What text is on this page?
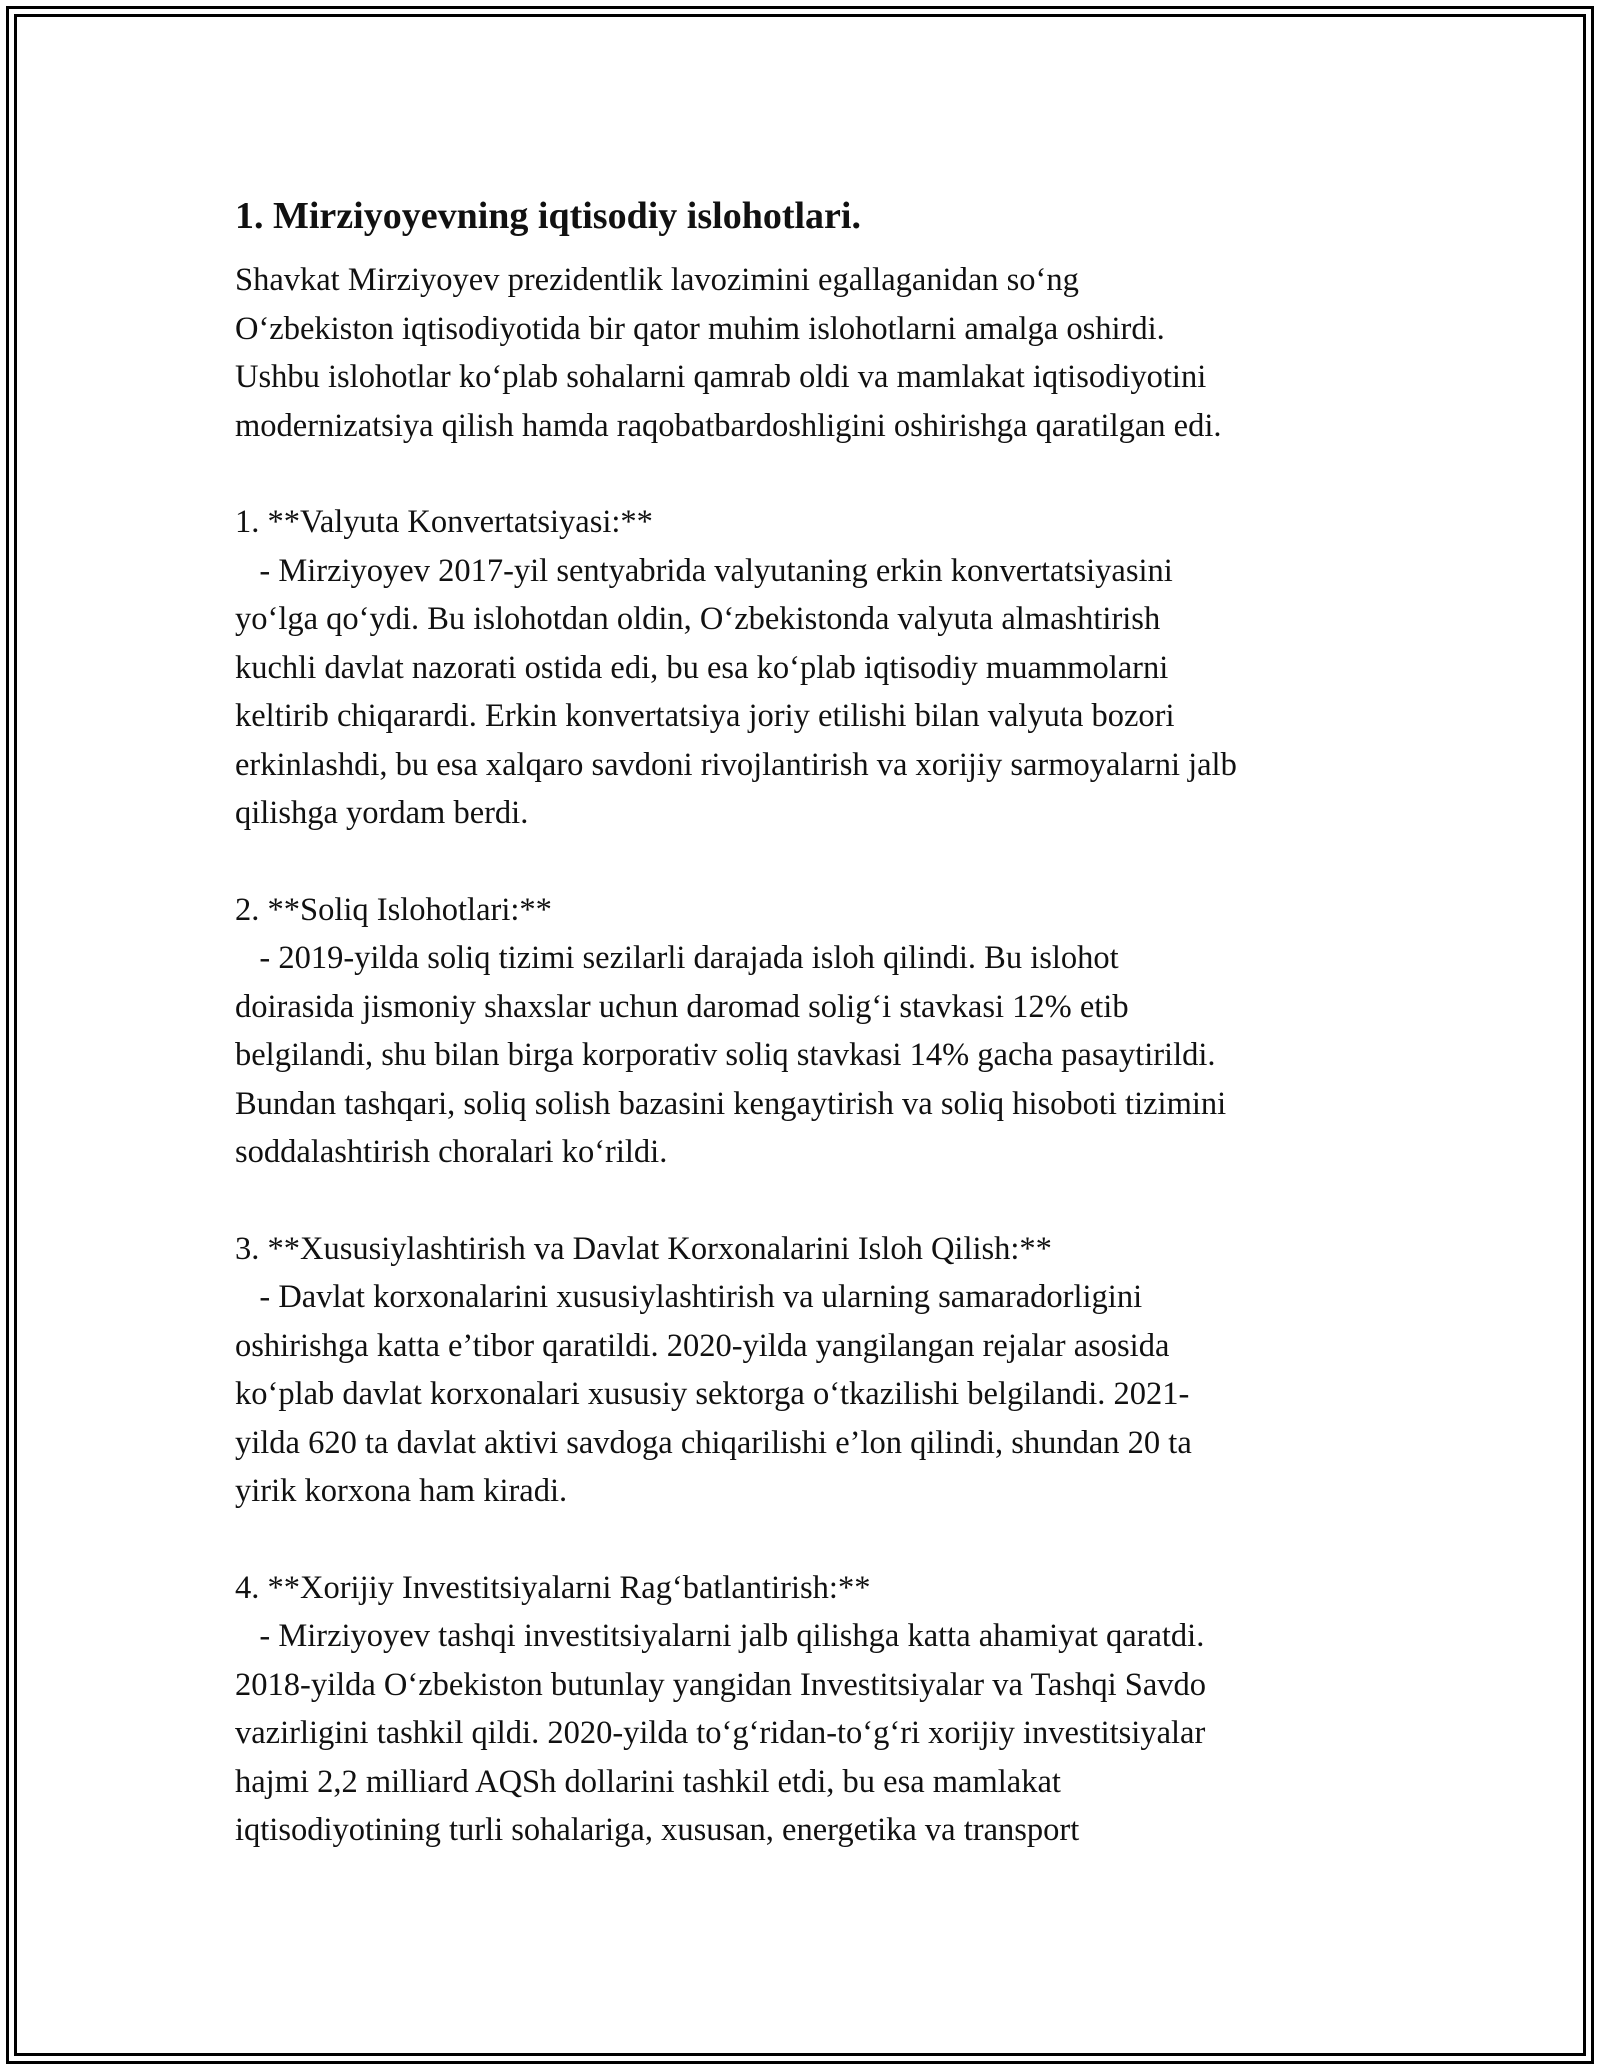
1. Mirziyoyevning iqtisodiy islohotlari.
Shavkat Mirziyoyev prezidentlik lavozimini egallaganidan so‘ng
O‘zbekiston iqtisodiyotida bir qator muhim islohotlarni amalga oshirdi.
Ushbu islohotlar ko‘plab sohalarni qamrab oldi va mamlakat iqtisodiyotini
modernizatsiya qilish hamda raqobatbardoshligini oshirishga qaratilgan edi.
1. **Valyuta Konvertatsiyasi:**
- Mirziyoyev 2017-yil sentyabrida valyutaning erkin konvertatsiyasini
yo‘lga qo‘ydi. Bu islohotdan oldin, O‘zbekistonda valyuta almashtirish
kuchli davlat nazorati ostida edi, bu esa ko‘plab iqtisodiy muammolarni
keltirib chiqarardi. Erkin konvertatsiya joriy etilishi bilan valyuta bozori
erkinlashdi, bu esa xalqaro savdoni rivojlantirish va xorijiy sarmoyalarni jalb
qilishga yordam berdi.
2. **Soliq Islohotlari:**
- 2019-yilda soliq tizimi sezilarli darajada isloh qilindi. Bu islohot
doirasida jismoniy shaxslar uchun daromad solig‘i stavkasi 12% etib
belgilandi, shu bilan birga korporativ soliq stavkasi 14% gacha pasaytirildi.
Bundan tashqari, soliq solish bazasini kengaytirish va soliq hisoboti tizimini
soddalashtirish choralari ko‘rildi.
3. **Xususiylashtirish va Davlat Korxonalarini Isloh Qilish:**
- Davlat korxonalarini xususiylashtirish va ularning samaradorligini
oshirishga katta e’tibor qaratildi. 2020-yilda yangilangan rejalar asosida
ko‘plab davlat korxonalari xususiy sektorga o‘tkazilishi belgilandi. 2021-
yilda 620 ta davlat aktivi savdoga chiqarilishi e’lon qilindi, shundan 20 ta
yirik korxona ham kiradi.
4. **Xorijiy Investitsiyalarni Rag‘batlantirish:**
- Mirziyoyev tashqi investitsiyalarni jalb qilishga katta ahamiyat qaratdi.
2018-yilda O‘zbekiston butunlay yangidan Investitsiyalar va Tashqi Savdo
vazirligini tashkil qildi. 2020-yilda to‘g‘ridan-to‘g‘ri xorijiy investitsiyalar
hajmi 2,2 milliard AQSh dollarini tashkil etdi, bu esa mamlakat
iqtisodiyotining turli sohalariga, xususan, energetika va transport
